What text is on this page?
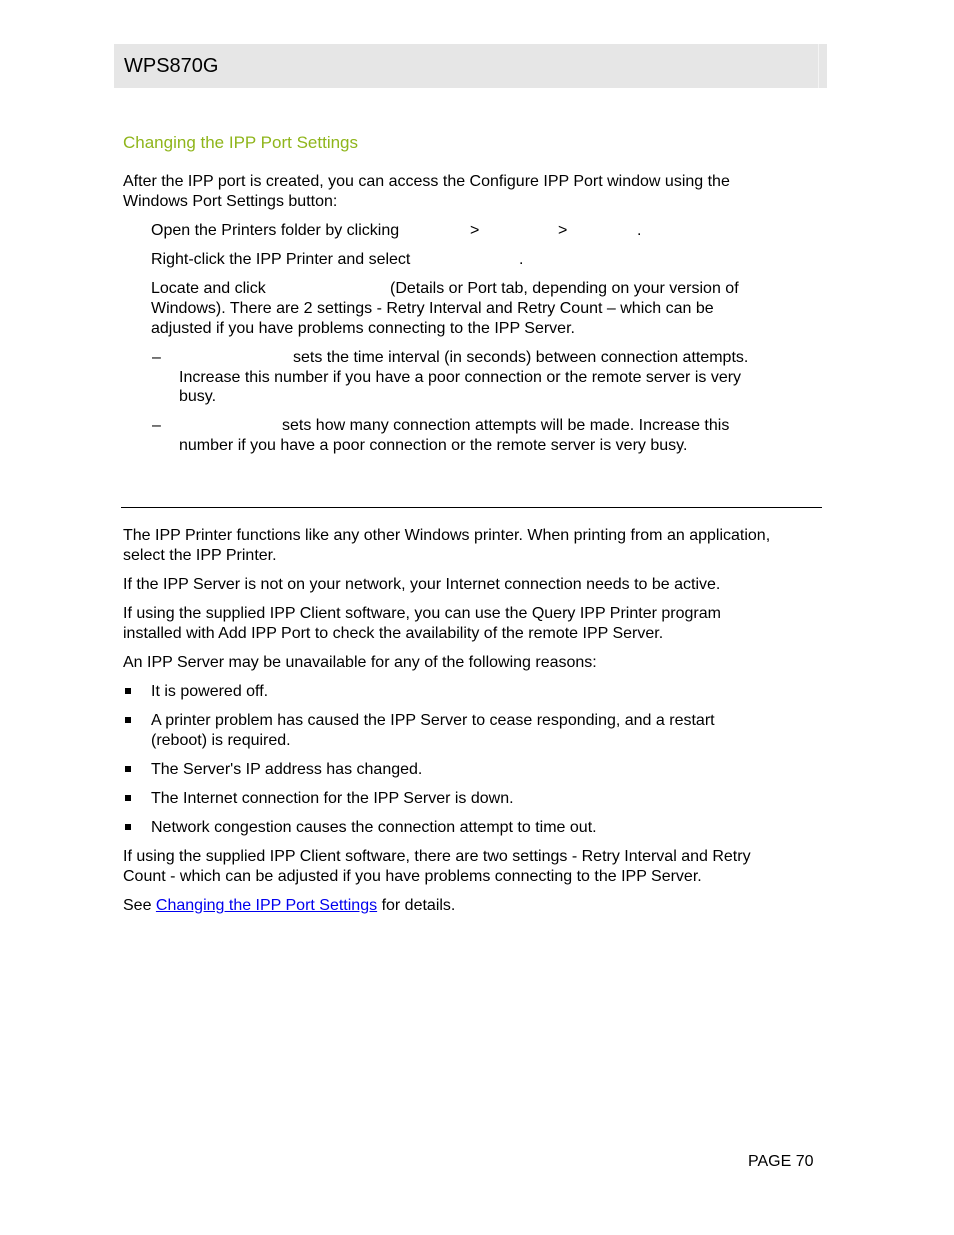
WPS870G
Changing the IPP Port Settings
After the IPP port is created, you can access the Configure IPP Port window using the
Windows Port Settings button:
Open the Printers folder by clicking	>	>	.
Right-click the IPP Printer and select	.
Locate and click	(Details or Port tab, depending on your version of
Windows). There are 2 settings - Retry Interval and Retry Count – which can be
adjusted if you have problems connecting to the IPP Server.
–	sets the time interval (in seconds) between connection attempts.
Increase this number if you have a poor connection or the remote server is very
busy.
–	sets how many connection attempts will be made. Increase this
number if you have a poor connection or the remote server is very busy.
The IPP Printer functions like any other Windows printer. When printing from an application,
select the IPP Printer.
If the IPP Server is not on your network, your Internet connection needs to be active.
If using the supplied IPP Client software, you can use the Query IPP Printer program
installed with Add IPP Port to check the availability of the remote IPP Server.
An IPP Server may be unavailable for any of the following reasons:
It is powered off.
A printer problem has caused the IPP Server to cease responding, and a restart
(reboot) is required.
The Server's IP address has changed.
The Internet connection for the IPP Server is down.
Network congestion causes the connection attempt to time out.
If using the supplied IPP Client software, there are two settings - Retry Interval and Retry
Count - which can be adjusted if you have problems connecting to the IPP Server.
See Changing the IPP Port Settings for details.
PAGE 70
